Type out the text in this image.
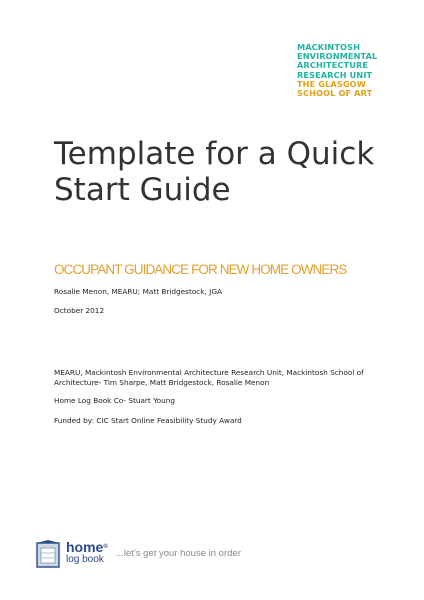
MACKINTOSH
ENVIRONMENTAL
ARCHITECTURE
RESEARCH UNIT
THE GLASGOW
SCHOOL OF ART
Template for a Quick Start Guide
OCCUPANT GUIDANCE FOR NEW HOME OWNERS
Rosalie Menon, MEARU; Matt Bridgestock, JGA
October 2012
MEARU, Mackintosh Environmental Architecture Research Unit, Mackintosh School of Architecture- Tim Sharpe, Matt Bridgestock, Rosalie Menon
Home Log Book Co- Stuart Young
Funded by: CIC Start Online Feasibility Study Award
home®
log book
...let's get your house in order
